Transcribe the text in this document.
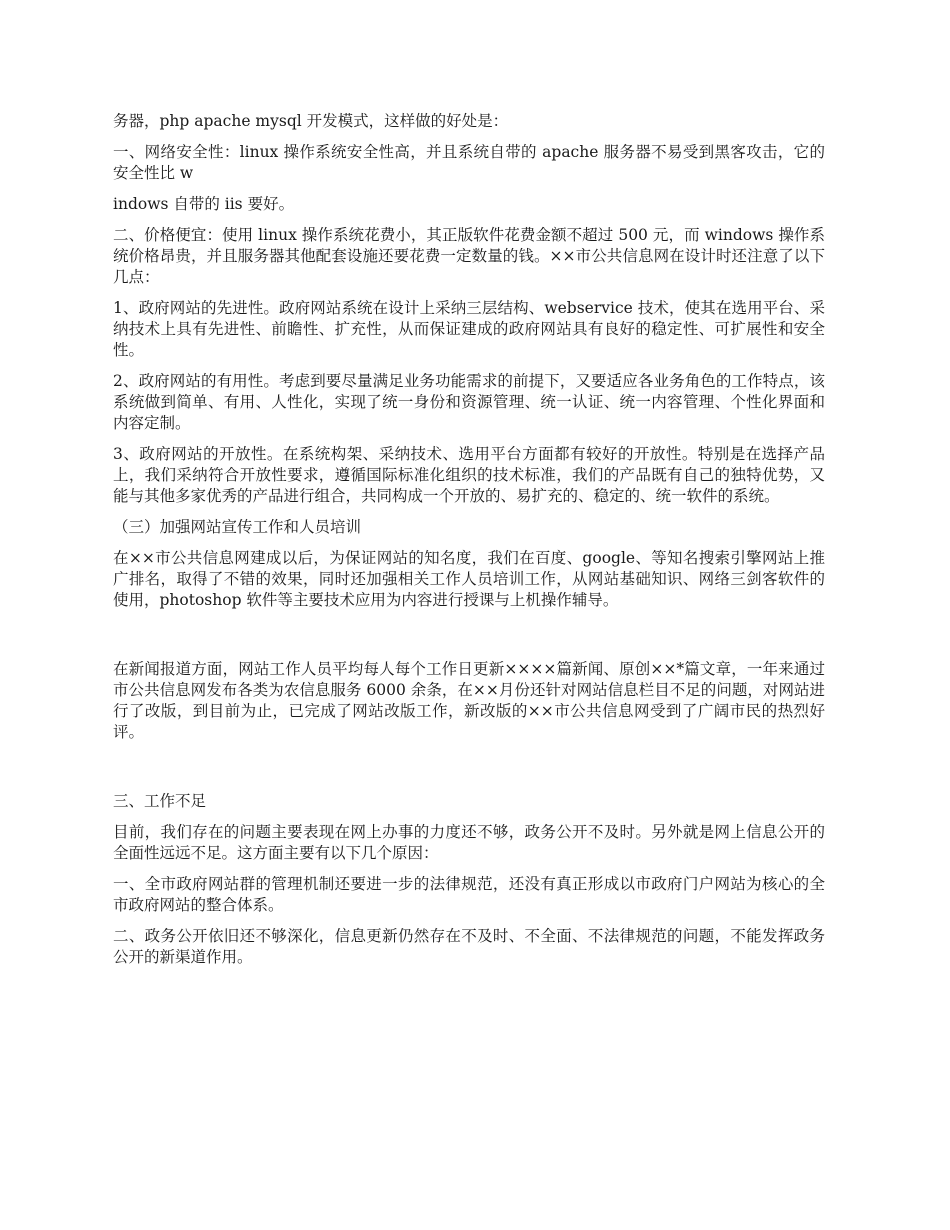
务器，php apache mysql 开发模式，这样做的好处是：

一、网络安全性：linux 操作系统安全性高，并且系统自带的 apache 服务器不易受到黑客攻击，它的安全性比 w

indows 自带的 iis 要好。

二、价格便宜：使用 linux 操作系统花费小，其正版软件花费金额不超过 500 元，而 windows 操作系统价格昂贵，并且服务器其他配套设施还要花费一定数量的钱。××市公共信息网在设计时还注意了以下几点：

1、政府网站的先进性。政府网站系统在设计上采纳三层结构、webservice 技术，使其在选用平台、采纳技术上具有先进性、前瞻性、扩充性，从而保证建成的政府网站具有良好的稳定性、可扩展性和安全性。

2、政府网站的有用性。考虑到要尽量满足业务功能需求的前提下，又要适应各业务角色的工作特点，该系统做到简单、有用、人性化，实现了统一身份和资源管理、统一认证、统一内容管理、个性化界面和内容定制。

3、政府网站的开放性。在系统构架、采纳技术、选用平台方面都有较好的开放性。特别是在选择产品上，我们采纳符合开放性要求，遵循国际标准化组织的技术标准，我们的产品既有自己的独特优势，又能与其他多家优秀的产品进行组合，共同构成一个开放的、易扩充的、稳定的、统一软件的系统。

（三）加强网站宣传工作和人员培训

在××市公共信息网建成以后，为保证网站的知名度，我们在百度、google、等知名搜索引擎网站上推广排名，取得了不错的效果，同时还加强相关工作人员培训工作，从网站基础知识、网络三剑客软件的使用，photoshop 软件等主要技术应用为内容进行授课与上机操作辅导。

在新闻报道方面，网站工作人员平均每人每个工作日更新××××篇新闻、原创××*篇文章，一年来通过市公共信息网发布各类为农信息服务 6000 余条，在××月份还针对网站信息栏目不足的问题，对网站进行了改版，到目前为止，已完成了网站改版工作，新改版的××市公共信息网受到了广阔市民的热烈好评。

三、工作不足

目前，我们存在的问题主要表现在网上办事的力度还不够，政务公开不及时。另外就是网上信息公开的全面性远远不足。这方面主要有以下几个原因：

一、全市政府网站群的管理机制还要进一步的法律规范，还没有真正形成以市政府门户网站为核心的全市政府网站的整合体系。

二、政务公开依旧还不够深化，信息更新仍然存在不及时、不全面、不法律规范的问题，不能发挥政务公开的新渠道作用。
